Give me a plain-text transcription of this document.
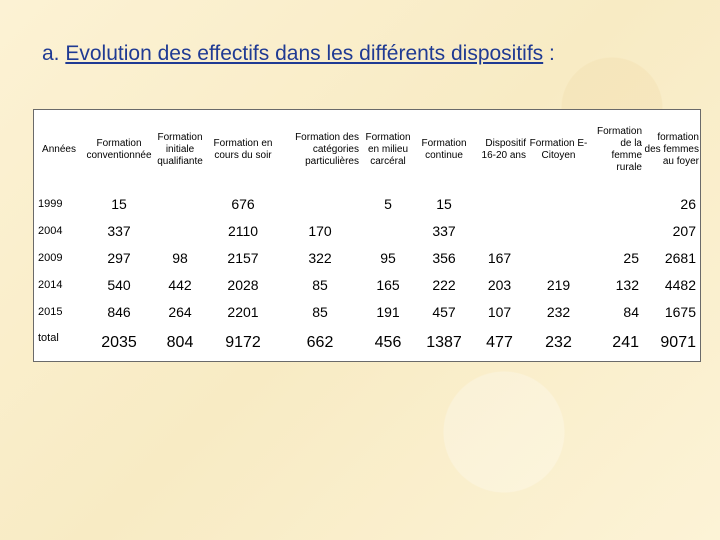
a. Evolution des effectifs dans les différents dispositifs :
Années	Formation conventionnée	Formation initiale qualifiante	Formation en cours du soir	Formation des catégories particulières	Formation en milieu carcéral	Formation continue	Dispositif 16-20 ans	Formation E-Citoyen	Formation de la femme rurale	formation des femmes au foyer
1999	15		676		5	15				26
2004	337		2110	170		337				207
2009	297	98	2157	322	95	356	167		25	2681
2014	540	442	2028	85	165	222	203	219	132	4482
2015	846	264	2201	85	191	457	107	232	84	1675
total	2035	804	9172	662	456	1387	477	232	241	9071
